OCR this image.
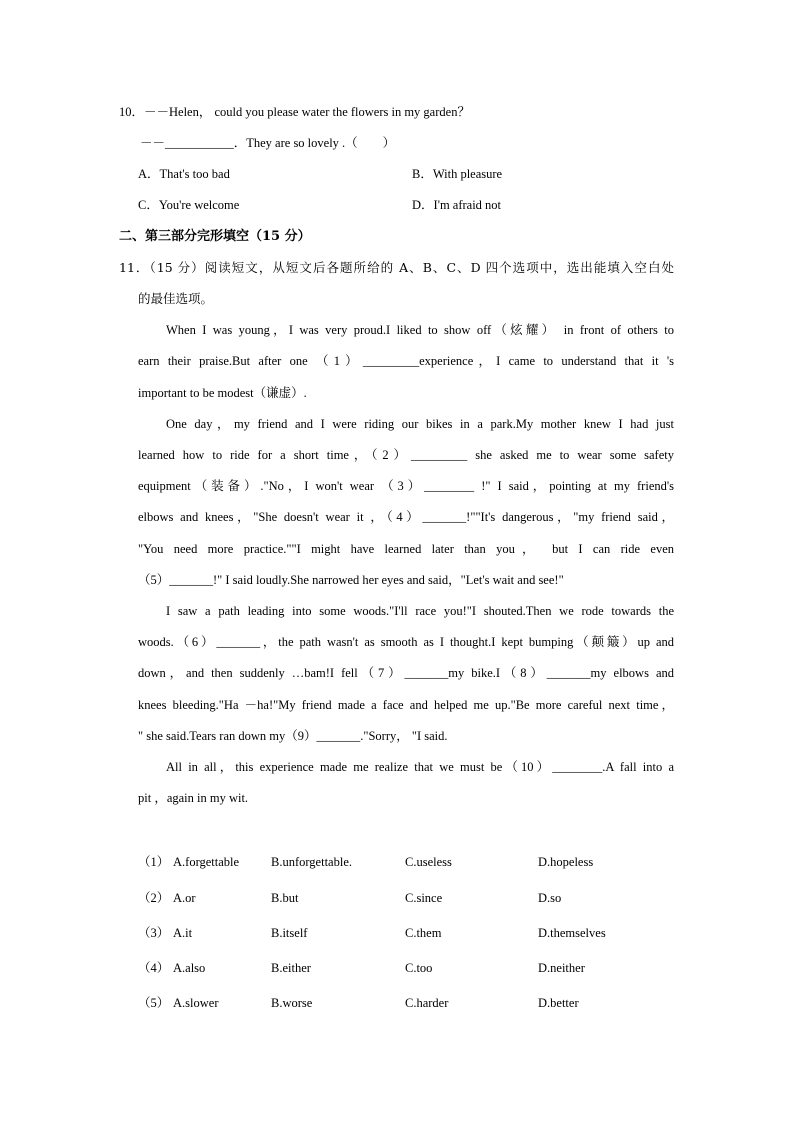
10．－－Helen， could you please water the flowers in my garden？
－－___________．They are so lovely .（　　）
A．That's too bad	B．With pleasure
C．You're welcome	D．I'm afraid not
二、第三部分完形填空（15 分）
11．（15 分）阅读短文，从短文后各题所给的 A、B、C、D 四个选项中，选出能填入空白处
的最佳选项。
When I was young，I was very proud.I liked to show off（炫耀） in front of others to
earn their praise.But after one （1）_________experience，I came to understand that it 's
important to be modest（谦虚）.
One day，my friend and I were riding our bikes in a park.My mother knew I had just
learned how to ride for a short time，（2）_________ she asked me to wear some safety
equipment（装备）."No，I won't wear （3）________ !" I said，pointing at my friend's
elbows and knees，"She doesn't wear it ，（4）_______!""It's dangerous，"my friend said，
"You need more practice.""I might have learned later than you， but I can ride even
（5）_______!" I said loudly.She narrowed her eyes and said，"Let's wait and see!"
I saw a path leading into some woods."I'll race you!"I shouted.Then we rode towards the
woods.（6）_______，the path wasn't as smooth as I thought.I kept bumping（颠簸）up and
down，and then suddenly …bam!I fell（7）_______my bike.I（8）_______my elbows and
knees bleeding."Ha －ha!"My friend made a face and helped me up."Be more careful next time，
" she said.Tears ran down my（9）_______."Sorry， "I said.
All in all，this experience made me realize that we must be（10）________.A fall into a
pit ，again in my wit.
（1） A.forgettable	B.unforgettable.	C.useless	D.hopeless
（2） A.or	B.but	C.since	D.so
（3） A.it	B.itself	C.them	D.themselves
（4） A.also	B.either	C.too	D.neither
（5） A.slower	B.worse	C.harder	D.better
